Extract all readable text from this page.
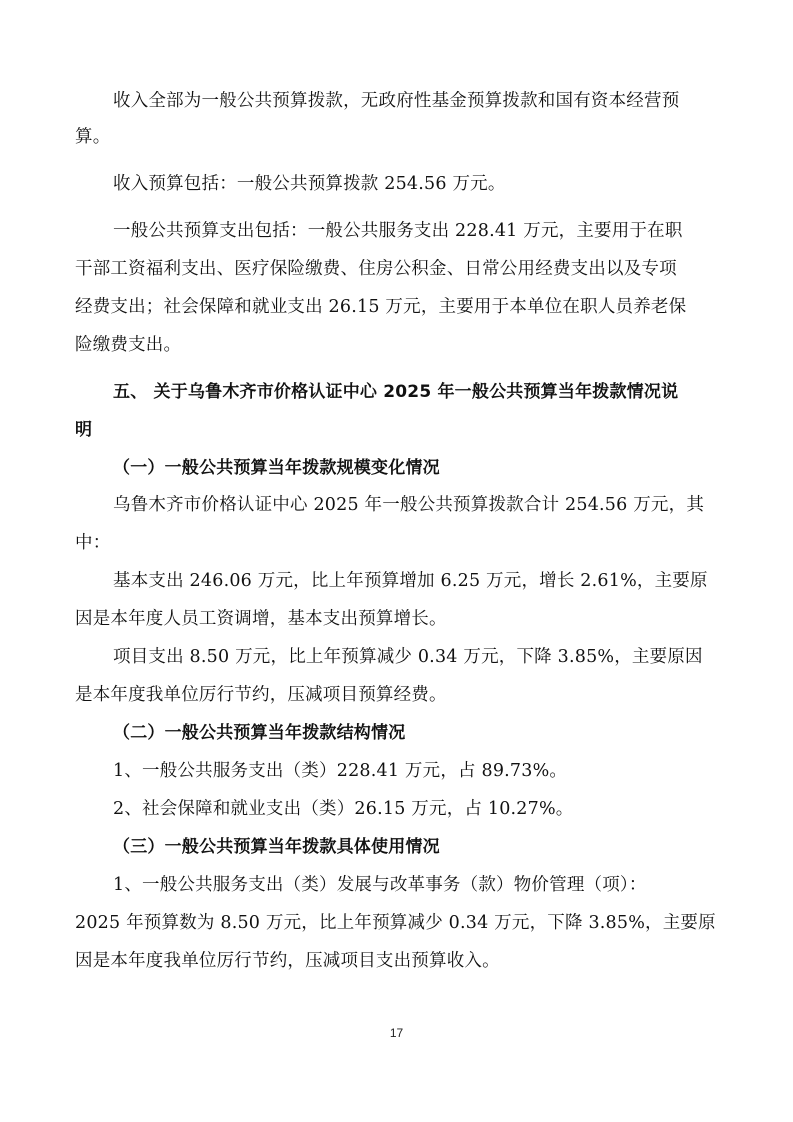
收入全部为一般公共预算拨款，无政府性基金预算拨款和国有资本经营预
算。
收入预算包括：一般公共预算拨款 254.56 万元。
一般公共预算支出包括：一般公共服务支出 228.41 万元，主要用于在职
干部工资福利支出、医疗保险缴费、住房公积金、日常公用经费支出以及专项
经费支出；社会保障和就业支出 26.15 万元，主要用于本单位在职人员养老保
险缴费支出。
五、 关于乌鲁木齐市价格认证中心 2025 年一般公共预算当年拨款情况说
明
（一）一般公共预算当年拨款规模变化情况
乌鲁木齐市价格认证中心 2025 年一般公共预算拨款合计 254.56 万元，其
中：
基本支出 246.06 万元，比上年预算增加 6.25 万元，增长 2.61%，主要原
因是本年度人员工资调增，基本支出预算增长。
项目支出 8.50 万元，比上年预算减少 0.34 万元，下降 3.85%，主要原因
是本年度我单位厉行节约，压减项目预算经费。
（二）一般公共预算当年拨款结构情况
1、一般公共服务支出（类）228.41 万元，占 89.73%。
2、社会保障和就业支出（类）26.15 万元，占 10.27%。
（三）一般公共预算当年拨款具体使用情况
1、一般公共服务支出（类）发展与改革事务（款）物价管理（项）：
2025 年预算数为 8.50 万元，比上年预算减少 0.34 万元，下降 3.85%，主要原
因是本年度我单位厉行节约，压减项目支出预算收入。
17
